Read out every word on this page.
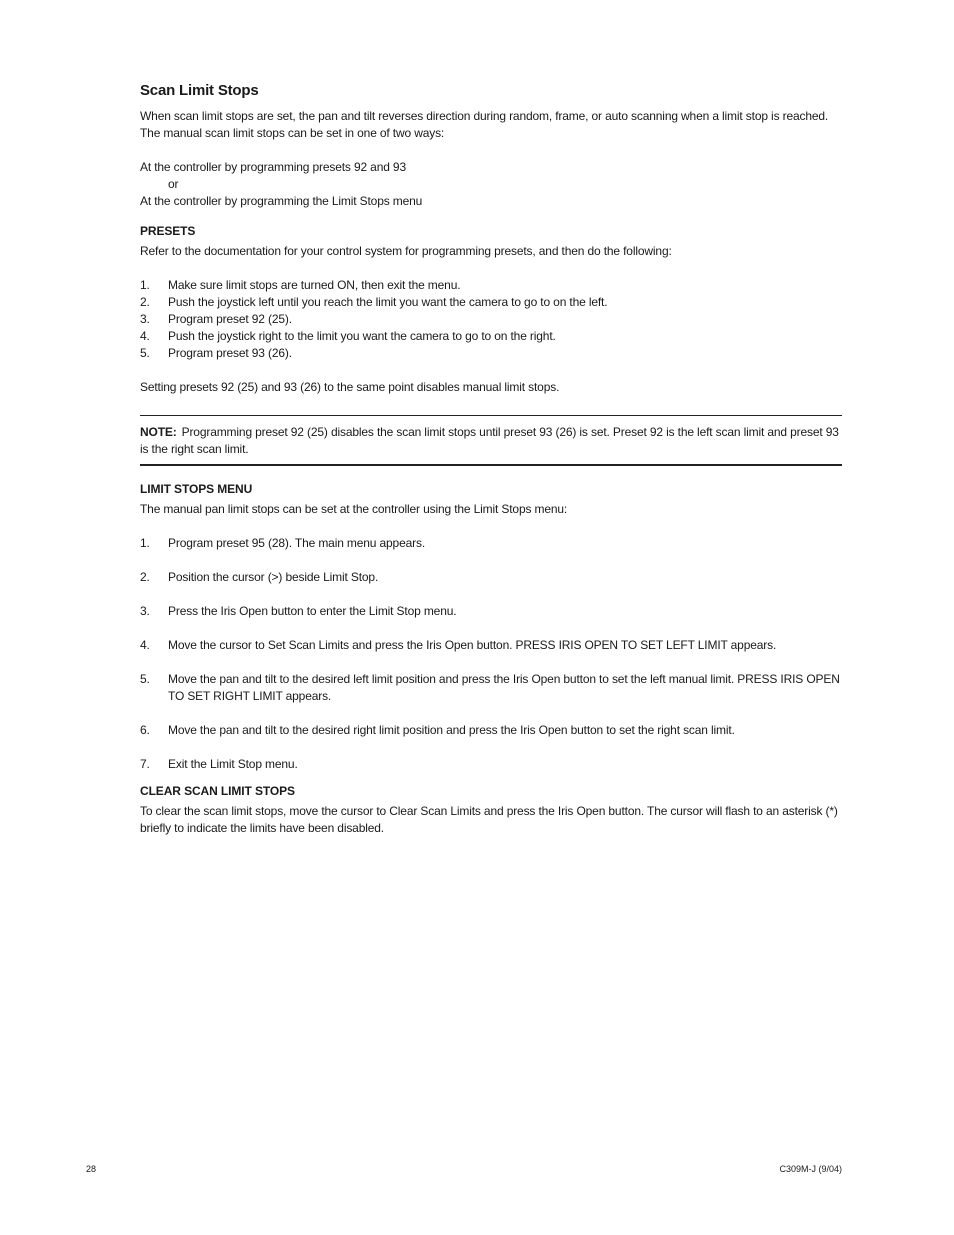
Scan Limit Stops

When scan limit stops are set, the pan and tilt reverses direction during random, frame, or auto scanning when a limit stop is reached. The manual scan limit stops can be set in one of two ways:

At the controller by programming presets 92 and 93

or

At the controller by programming the Limit Stops menu

PRESETS

Refer to the documentation for your control system for programming presets, and then do the following:

1.	Make sure limit stops are turned ON, then exit the menu.
2.	Push the joystick left until you reach the limit you want the camera to go to on the left.
3.	Program preset 92 (25).
4.	Push the joystick right to the limit you want the camera to go to on the right.
5.	Program preset 93 (26).

Setting presets 92 (25) and 93 (26) to the same point disables manual limit stops.

NOTE: Programming preset 92 (25) disables the scan limit stops until preset 93 (26) is set. Preset 92 is the left scan limit and preset 93 is the right scan limit.
LIMIT STOPS MENU

The manual pan limit stops can be set at the controller using the Limit Stops menu:

1.	Program preset 95 (28). The main menu appears.
2.	Position the cursor (>) beside Limit Stop.
3.	Press the Iris Open button to enter the Limit Stop menu.
4.	Move the cursor to Set Scan Limits and press the Iris Open button. PRESS IRIS OPEN TO SET LEFT LIMIT appears.
5.	Move the pan and tilt to the desired left limit position and press the Iris Open button to set the left manual limit. PRESS IRIS OPEN TO SET RIGHT LIMIT appears.
6.	Move the pan and tilt to the desired right limit position and press the Iris Open button to set the right scan limit.
7.	Exit the Limit Stop menu.
CLEAR SCAN LIMIT STOPS

To clear the scan limit stops, move the cursor to Clear Scan Limits and press the Iris Open button. The cursor will flash to an asterisk (*) briefly to indicate the limits have been disabled.

28	C309M-J (9/04)
